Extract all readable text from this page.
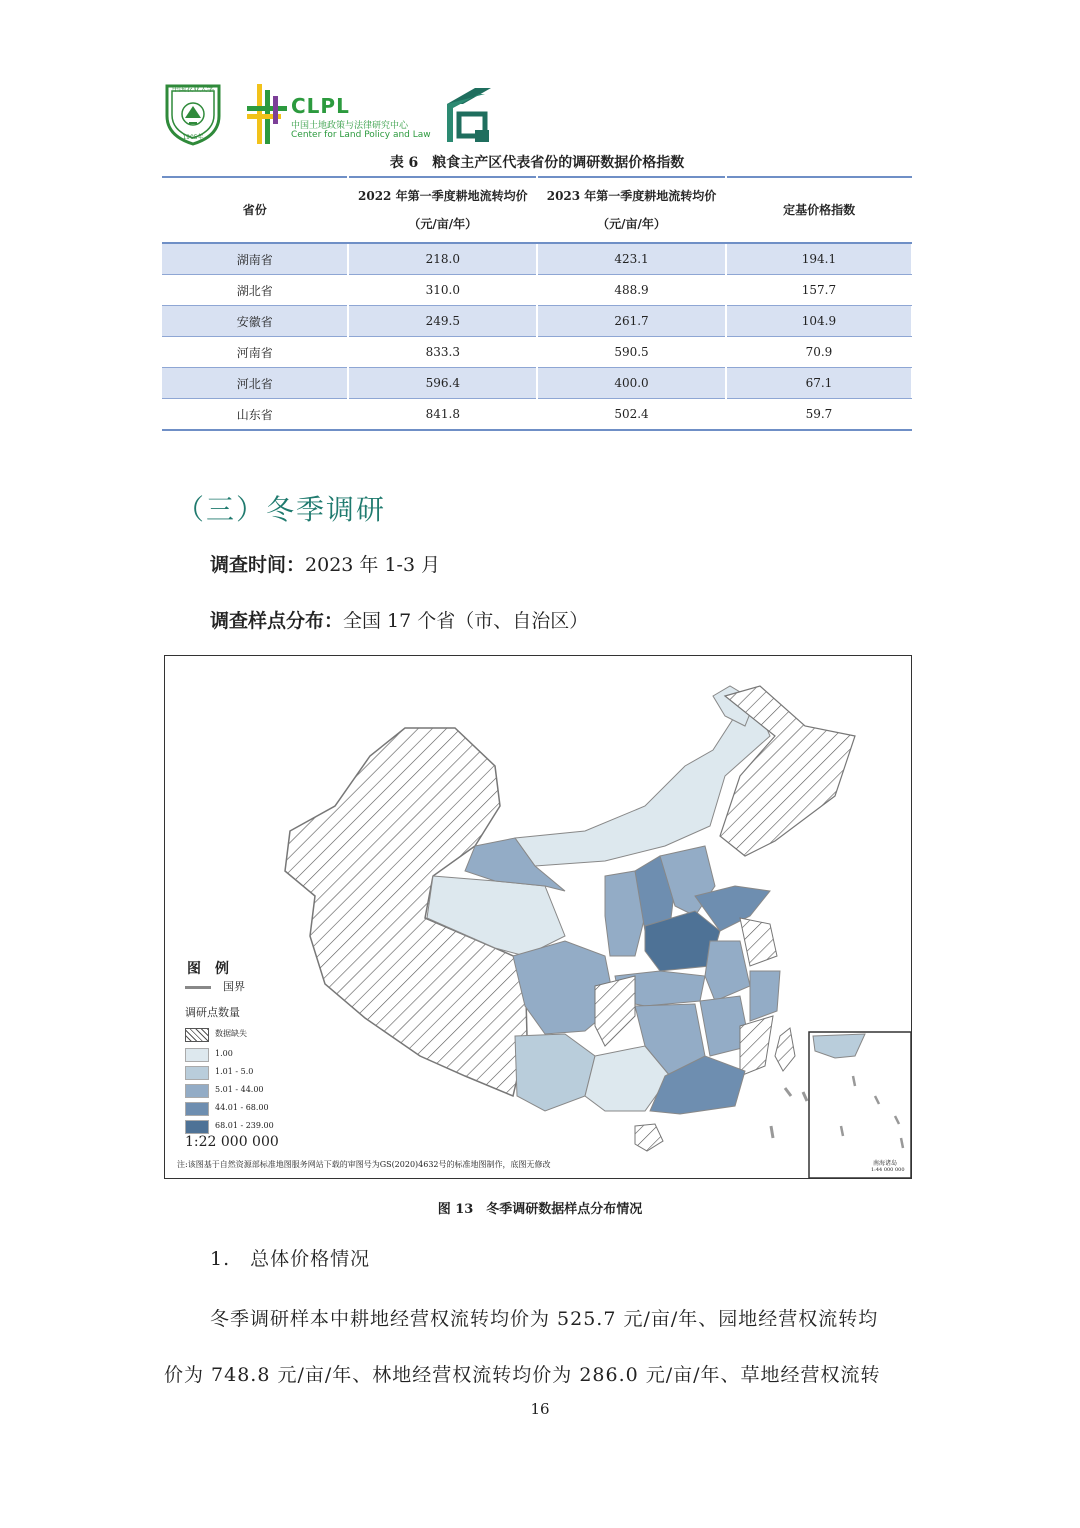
中国农业大学
1905年
CLPL
中国土地政策与法律研究中心
Center for Land Policy and Law
表 6　粮食主产区代表省份的调研数据价格指数
省份	2022 年第一季度耕地流转均价（元/亩/年）	2023 年第一季度耕地流转均价（元/亩/年）	定基价格指数
湖南省	218.0	423.1	194.1
湖北省	310.0	488.9	157.7
安徽省	249.5	261.7	104.9
河南省	833.3	590.5	70.9
河北省	596.4	400.0	67.1
山东省	841.8	502.4	59.7
（三）冬季调研
调查时间：2023 年 1-3 月
调查样点分布：全国 17 个省（市、自治区）
图　例
国界
调研点数量
数据缺失
1.00
1.01 - 5.0
5.01 - 44.00
44.01 - 68.00
68.01 - 239.00
1:22 000 000
注:该图基于自然资源部标准地图服务网站下载的审图号为GS(2020)4632号的标准地图制作，底图无修改	南海诸岛
1:44 000 000
图 13　冬季调研数据样点分布情况
1.　总体价格情况
冬季调研样本中耕地经营权流转均价为 525.7 元/亩/年、园地经营权流转均
价为 748.8 元/亩/年、林地经营权流转均价为 286.0 元/亩/年、草地经营权流转
16
